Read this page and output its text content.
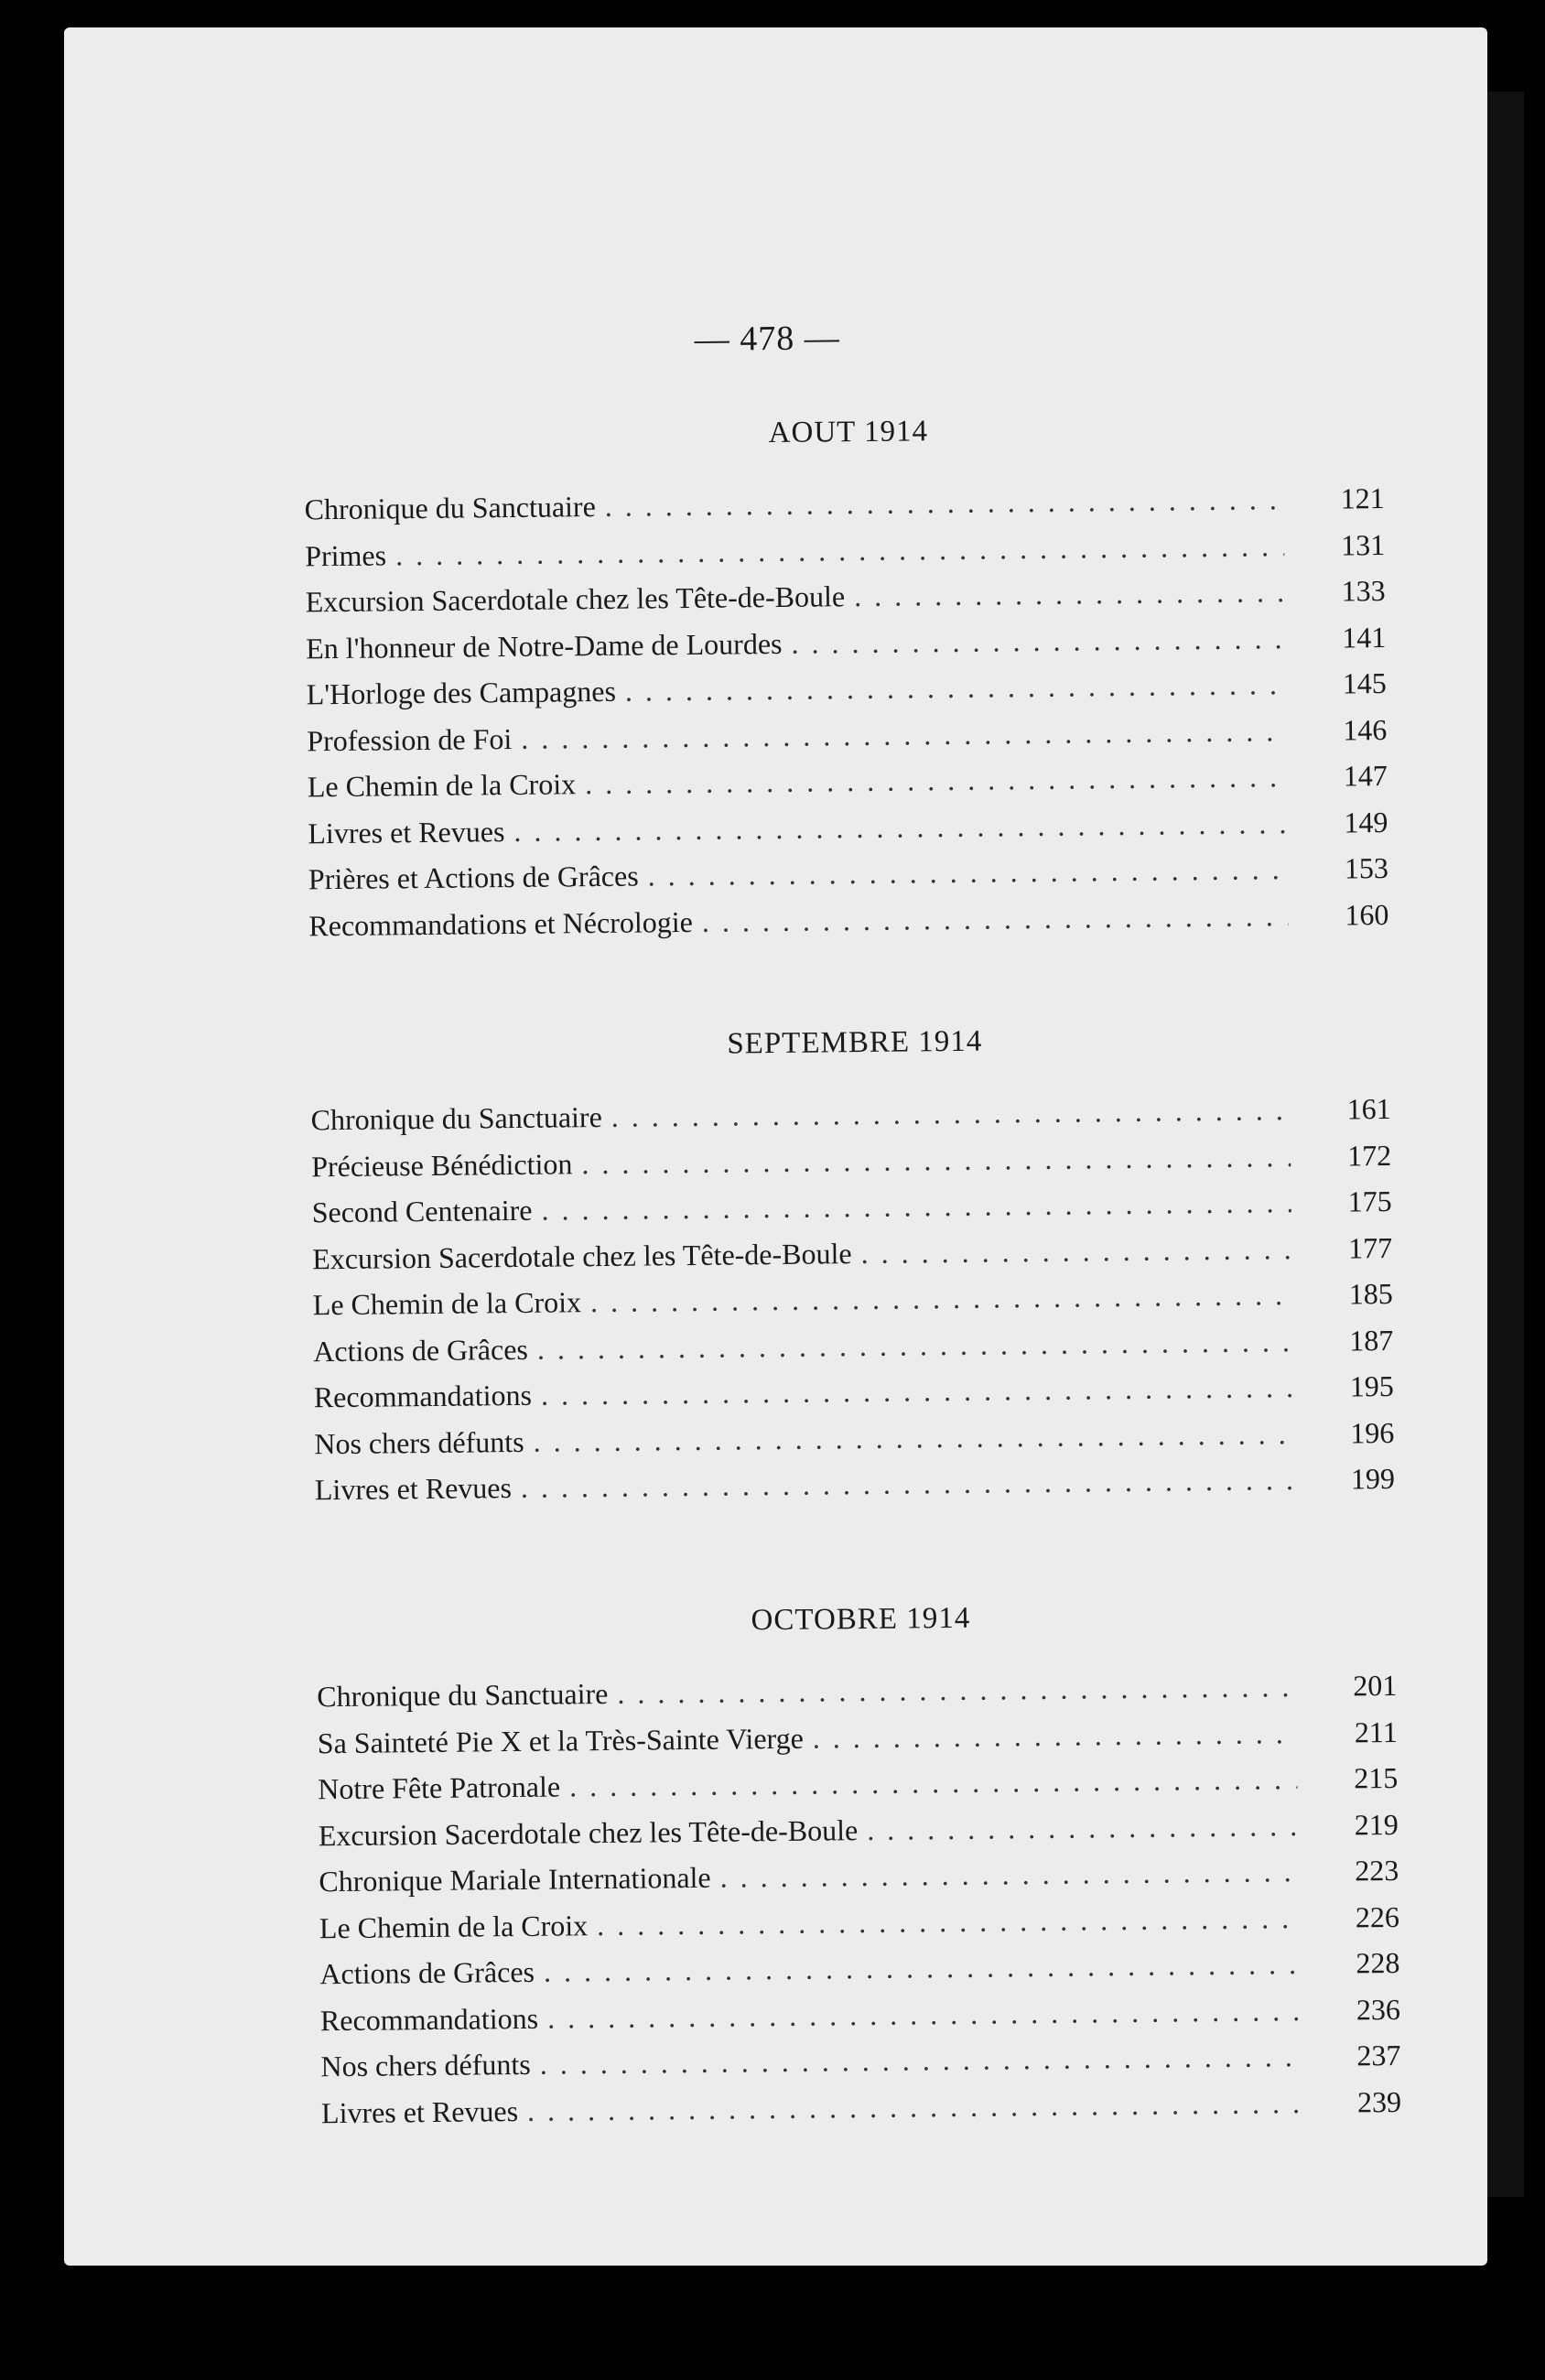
— 478 —
AOUT 1914
Chronique du Sanctuaire . . .	121
Primes . . .	131
Excursion Sacerdotale chez les Tête-de-Boule . . .	133
En l'honneur de Notre-Dame de Lourdes . . .	141
L'Horloge des Campagnes . . .	145
Profession de Foi . . .	146
Le Chemin de la Croix . . .	147
Livres et Revues . . .	149
Prières et Actions de Grâces . . .	153
Recommandations et Nécrologie . . .	160
SEPTEMBRE 1914
Chronique du Sanctuaire . . .	161
Précieuse Bénédiction . . .	172
Second Centenaire . . .	175
Excursion Sacerdotale chez les Tête-de-Boule . . .	177
Le Chemin de la Croix . . .	185
Actions de Grâces . . .	187
Recommandations . . .	195
Nos chers défunts . . .	196
Livres et Revues . . .	199
OCTOBRE 1914
Chronique du Sanctuaire . . .	201
Sa Sainteté Pie X et la Très-Sainte Vierge . . .	211
Notre Fête Patronale . . .	215
Excursion Sacerdotale chez les Tête-de-Boule . . .	219
Chronique Mariale Internationale . . .	223
Le Chemin de la Croix . . .	226
Actions de Grâces . . .	228
Recommandations . . .	236
Nos chers défunts . . .	237
Livres et Revues . . .	239
